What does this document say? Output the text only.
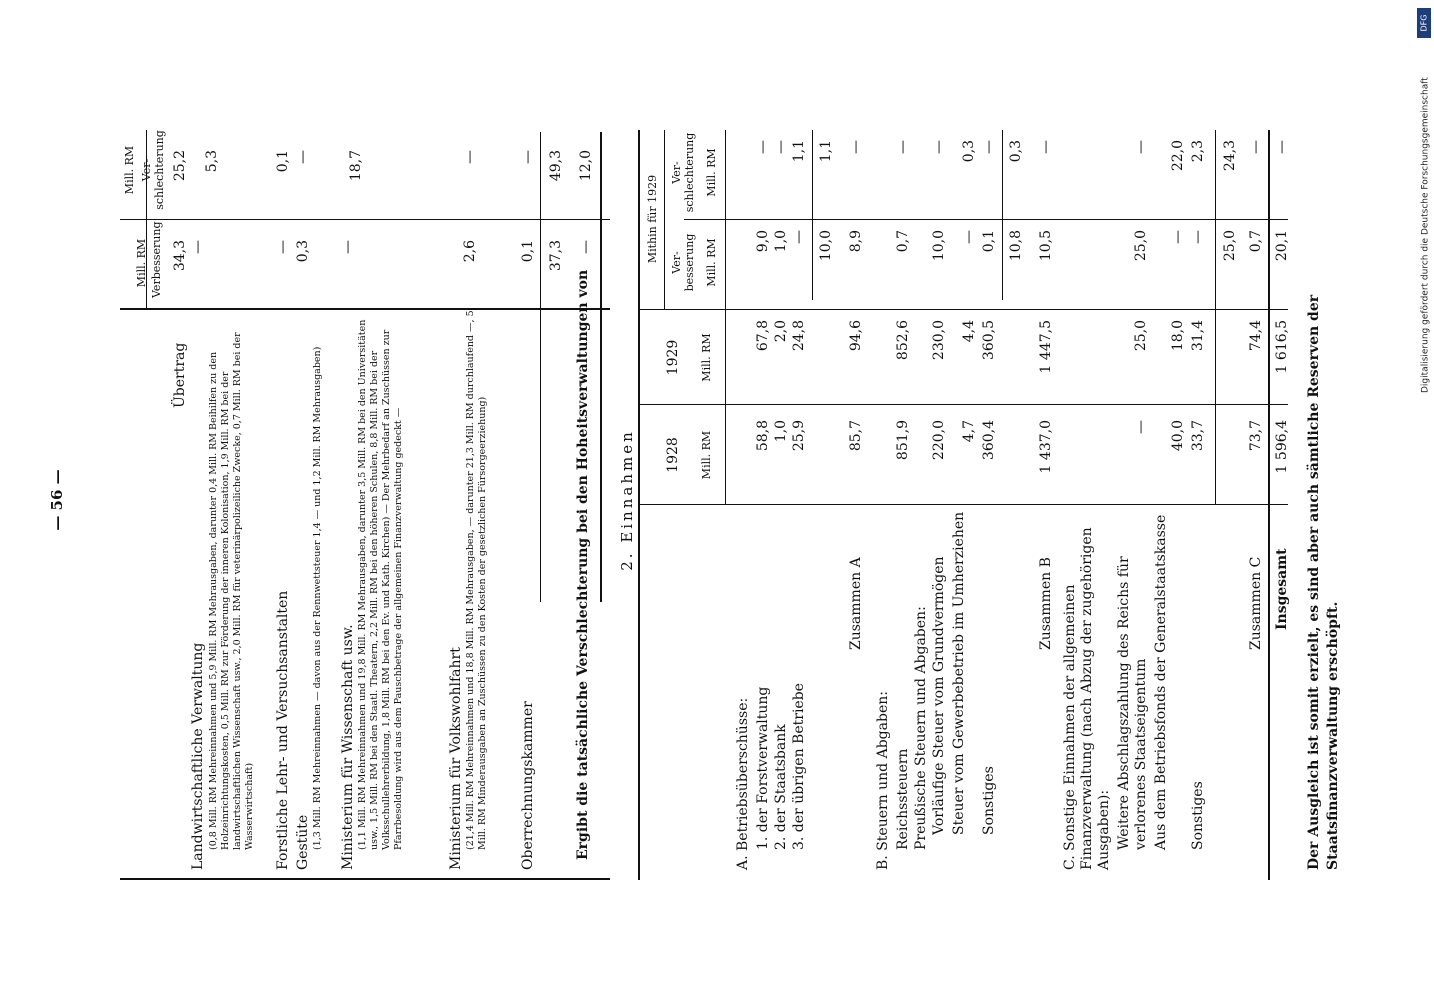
DFG
Digitalisierung gefördert durch die Deutsche Forschungsgemeinschaft
— 56 —
Verbesserung
Mill. RM
Ver-
schlechterung
Mill. RM
Übertrag
34,3
25,2
Landwirtschaftliche Verwaltung (0,8 Mill. RM Mehreinnahmen und 5,9 Mill. RM Mehrausgaben, darunter 0,4 Mill. RM Beihilfen zu den Holzeinrichtungskosten, 0,5 Mill. RM zur Förderung der inneren Kolonisation, 1,9 Mill. RM bei der landwirtschaftlichen Wissenschaft usw., 2,0 Mill. RM für veterinärpolizeiliche Zwecke, 0,7 Mill. RM bei der Wasserwirtschaft)
—
5,3
Forstliche Lehr- und Versuchsanstalten
—
0,1
Gestüte (1,3 Mill. RM Mehreinnahmen — davon aus der Rennwettsteuer 1,4 — und 1,2 Mill. RM Mehrausgaben)
0,3
—
Ministerium für Wissenschaft usw. (1,1 Mill. RM Mehreinnahmen und 19,8 Mill. RM Mehrausgaben, darunter 3,5 Mill. RM bei den Universitäten usw., 1,5 Mill. RM bei den Staatl. Theatern, 2,2 Mill. RM bei den höheren Schulen, 8,8 Mill. RM bei der Volksschullehrerbildung, 1,8 Mill. RM bei den Ev. und Kath. Kirchen) — Der Mehrbedarf an Zuschüssen zur Pfarrbesoldung wird aus dem Pauschbetrage der allgemeinen Finanzverwaltung gedeckt —
—
18,7
Ministerium für Volkswohlfahrt (21,4 Mill. RM Mehreinnahmen und 18,8 Mill. RM Mehrausgaben, — darunter 21,3 Mill. RM durchlaufend —, 5 Mill. RM Minderausgaben an Zuschüssen zu den Kosten der gesetzlichen Fürsorgeerziehung)
2,6
—
Oberrechnungskammer
0,1
—
37,3
49,3
Ergibt die tatsächliche Verschlechterung bei den Hoheitsverwaltungen von
—
12,0
2. Einnahmen 1928 Mill. RM
1929 Mill. RM
Mithin für 1929 Ver-
besserung Mill. RM
Ver-
schlechterung Mill. RM
A. Betriebsüberschüsse: 1. der Forstverwaltung
58,8
67,8
9,0
—
2. der Staatsbank
1,0
2,0
1,0
—
3. der übrigen Betriebe
25,9
24,8
—
1,1
10,0
1,1
Zusammen A
85,7
94,6
8,9
—
B. Steuern und Abgaben: Reichssteuern
851,9
852,6
0,7
—
Preußische Steuern und Abgaben: Vorläufige Steuer vom Grundvermögen
220,0
230,0
10,0
—
Steuer vom Gewerbebetrieb im Umherziehen
4,7
4,4
—
0,3
Sonstiges
360,4
360,5
0,1
—
10,8
0,3
Zusammen B
1 437,0
1 447,5
10,5
—
C. Sonstige Einnahmen der allgemeinen Finanzverwaltung (nach Abzug der zugehörigen Ausgaben): Weitere Abschlagszahlung des Reichs für verlorenes Staatseigentum
—
25,0
25,0
—
Aus dem Betriebsfonds der Generalstaatskasse
40,0
18,0
—
22,0
Sonstiges
33,7
31,4
—
2,3
25,0
24,3
Zusammen C
73,7
74,4
0,7
—
Insgesamt
1 596,4
1 616,5
20,1
—
Der Ausgleich ist somit erzielt, es sind aber auch sämtliche Reserven der Staatsfinanzverwaltung erschöpft.
